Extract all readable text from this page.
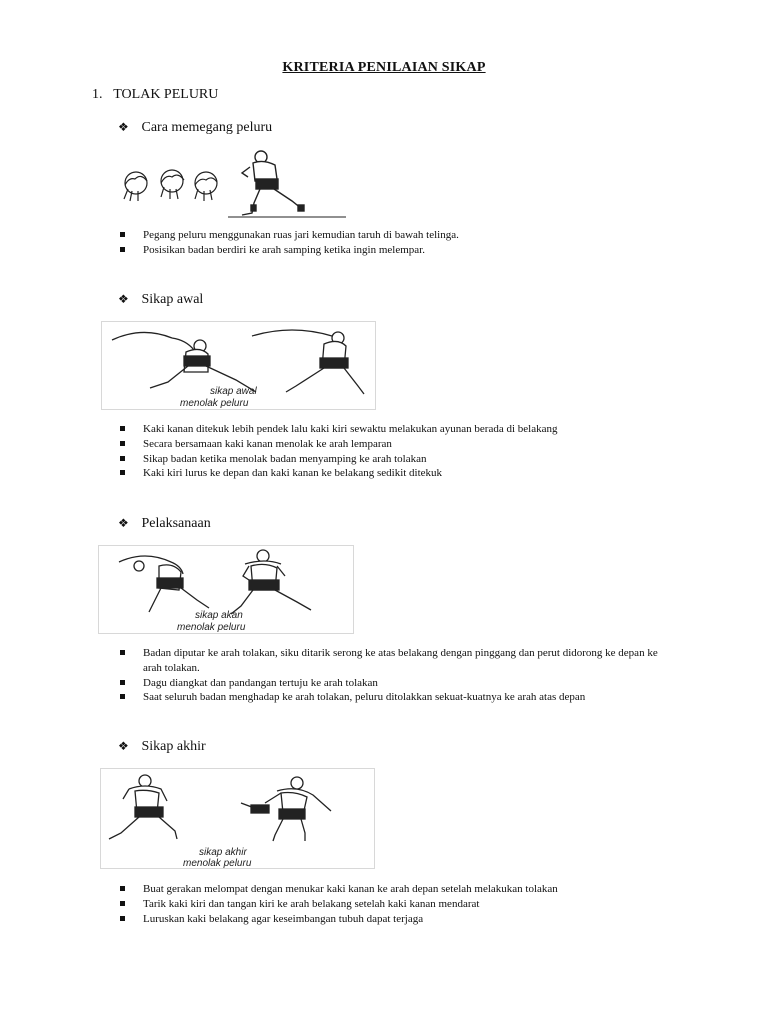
KRITERIA PENILAIAN SIKAP
1. TOLAK PELURU
❖ Cara memegang peluru
Pegang peluru menggunakan ruas jari kemudian taruh di bawah telinga.
Posisikan badan berdiri ke arah samping ketika ingin melempar.
❖ Sikap awal
sikap awal
menolak peluru
Kaki kanan ditekuk lebih pendek lalu kaki kiri sewaktu melakukan ayunan berada di belakang
Secara bersamaan kaki kanan menolak ke arah lemparan
Sikap badan ketika menolak badan menyamping ke arah tolakan
Kaki kiri lurus ke depan dan kaki kanan ke belakang sedikit ditekuk
❖ Pelaksanaan
sikap akan
menolak peluru
Badan diputar ke arah tolakan, siku ditarik serong ke atas belakang dengan pinggang dan perut didorong ke depan ke arah tolakan.
Dagu diangkat dan pandangan tertuju ke arah tolakan
Saat seluruh badan menghadap ke arah tolakan, peluru ditolakkan sekuat-kuatnya ke arah atas depan
❖ Sikap akhir
sikap akhir
menolak peluru
Buat gerakan melompat dengan menukar kaki kanan ke arah depan setelah melakukan tolakan
Tarik kaki kiri dan tangan kiri ke arah belakang setelah kaki kanan mendarat
Luruskan kaki belakang agar keseimbangan tubuh dapat terjaga
